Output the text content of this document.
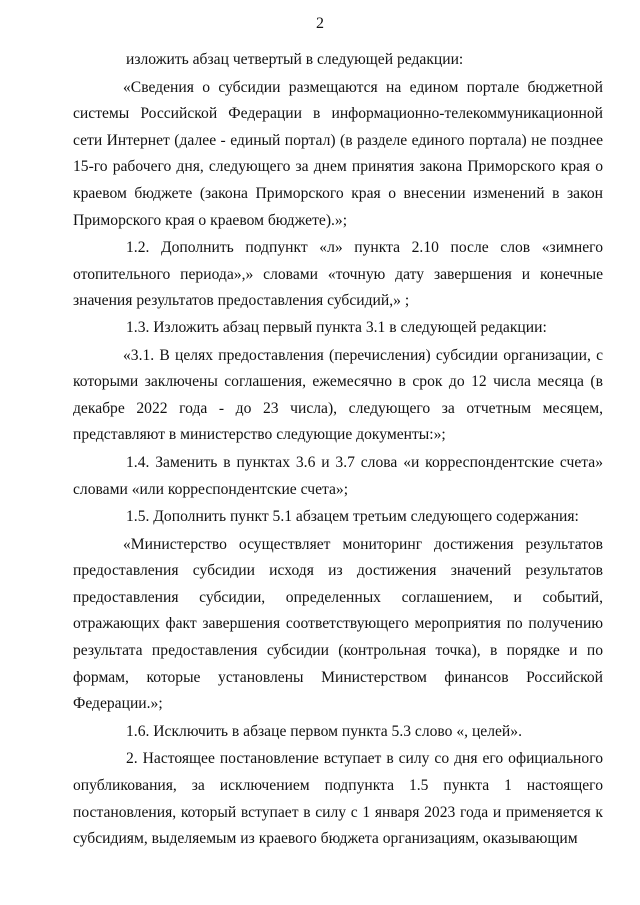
2

изложить абзац четвертый в следующей редакции:

«Сведения о субсидии размещаются на едином портале бюджетной системы Российской Федерации в информационно-телекоммуникационной сети Интернет (далее - единый портал) (в разделе единого портала) не позднее 15-го рабочего дня, следующего за днем принятия закона Приморского края о краевом бюджете (закона Приморского края о внесении изменений в закон Приморского края о краевом бюджете).»;

1.2. Дополнить подпункт «л» пункта 2.10 после слов «зимнего отопительного периода»,» словами «точную дату завершения и конечные значения результатов предоставления субсидий,» ;

1.3. Изложить абзац первый пункта 3.1 в следующей редакции:

«3.1. В целях предоставления (перечисления) субсидии организации, с которыми заключены соглашения, ежемесячно в срок до 12 числа месяца (в декабре 2022 года - до 23 числа), следующего за отчетным месяцем, представляют в министерство следующие документы:»;

1.4. Заменить в пунктах 3.6 и 3.7 слова «и корреспондентские счета» словами «или корреспондентские счета»;

1.5. Дополнить пункт 5.1 абзацем третьим следующего содержания:

«Министерство осуществляет мониторинг достижения результатов предоставления субсидии исходя из достижения значений результатов предоставления субсидии, определенных соглашением, и событий, отражающих факт завершения соответствующего мероприятия по получению результата предоставления субсидии (контрольная точка), в порядке и по формам, которые установлены Министерством финансов Российской Федерации.»;

1.6. Исключить в абзаце первом пункта 5.3 слово «, целей».

2. Настоящее постановление вступает в силу со дня его официального опубликования, за исключением подпункта 1.5 пункта 1 настоящего постановления, который вступает в силу с 1 января 2023 года и применяется к субсидиям, выделяемым из краевого бюджета организациям, оказывающим
